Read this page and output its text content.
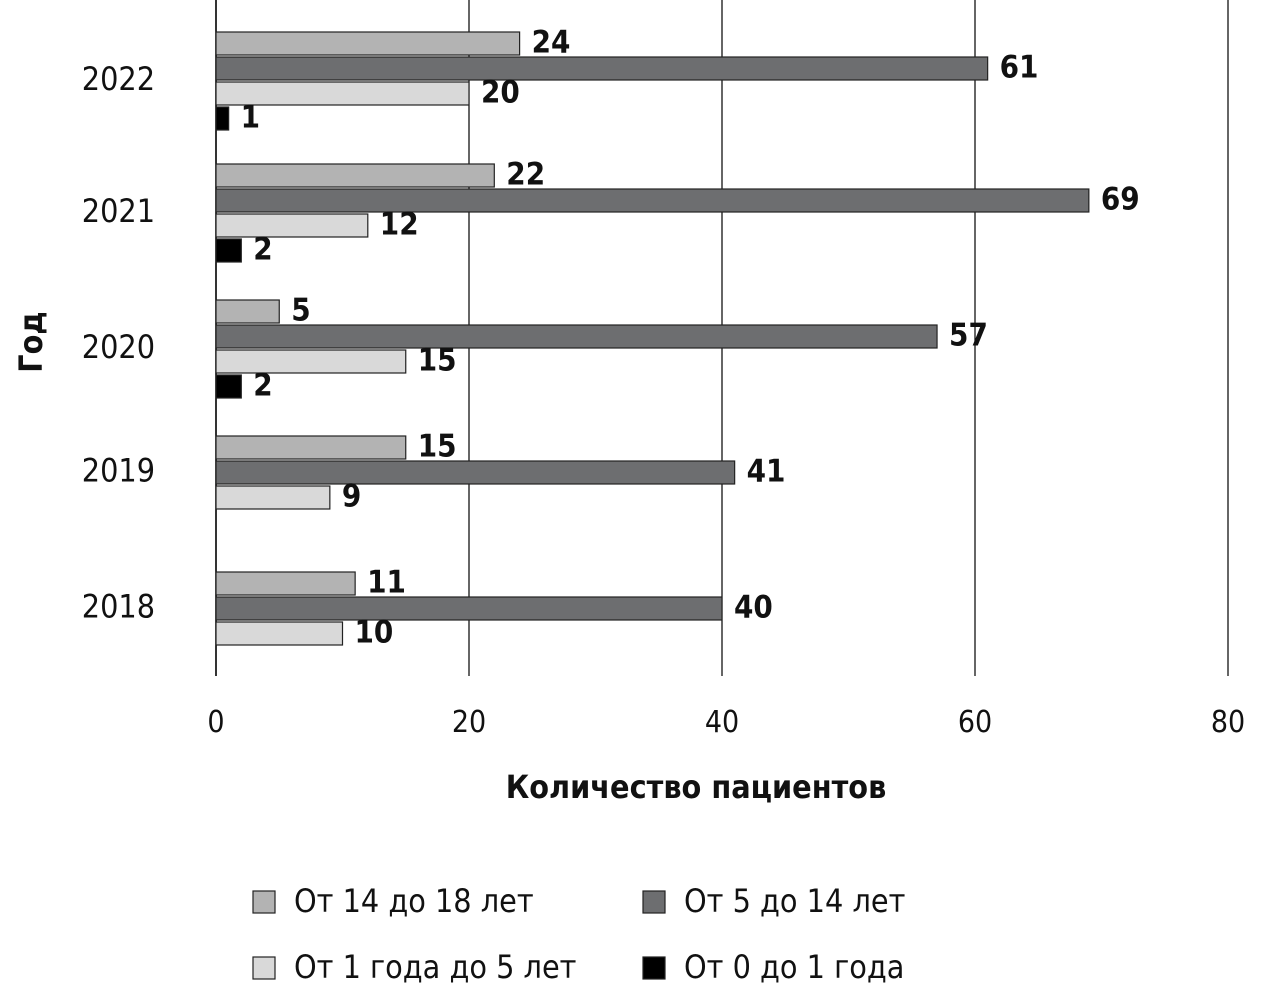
24
61
20
1
22
69
12
2
5
57
15
2
15
41
9
11
40
10
2022
2021
2020
2019
2018
0	20	40	60	80
Количество пациентов
Год
От 14 до 18 лет	От 5 до 14 лет
От 1 года до 5 лет	От 0 до 1 года
